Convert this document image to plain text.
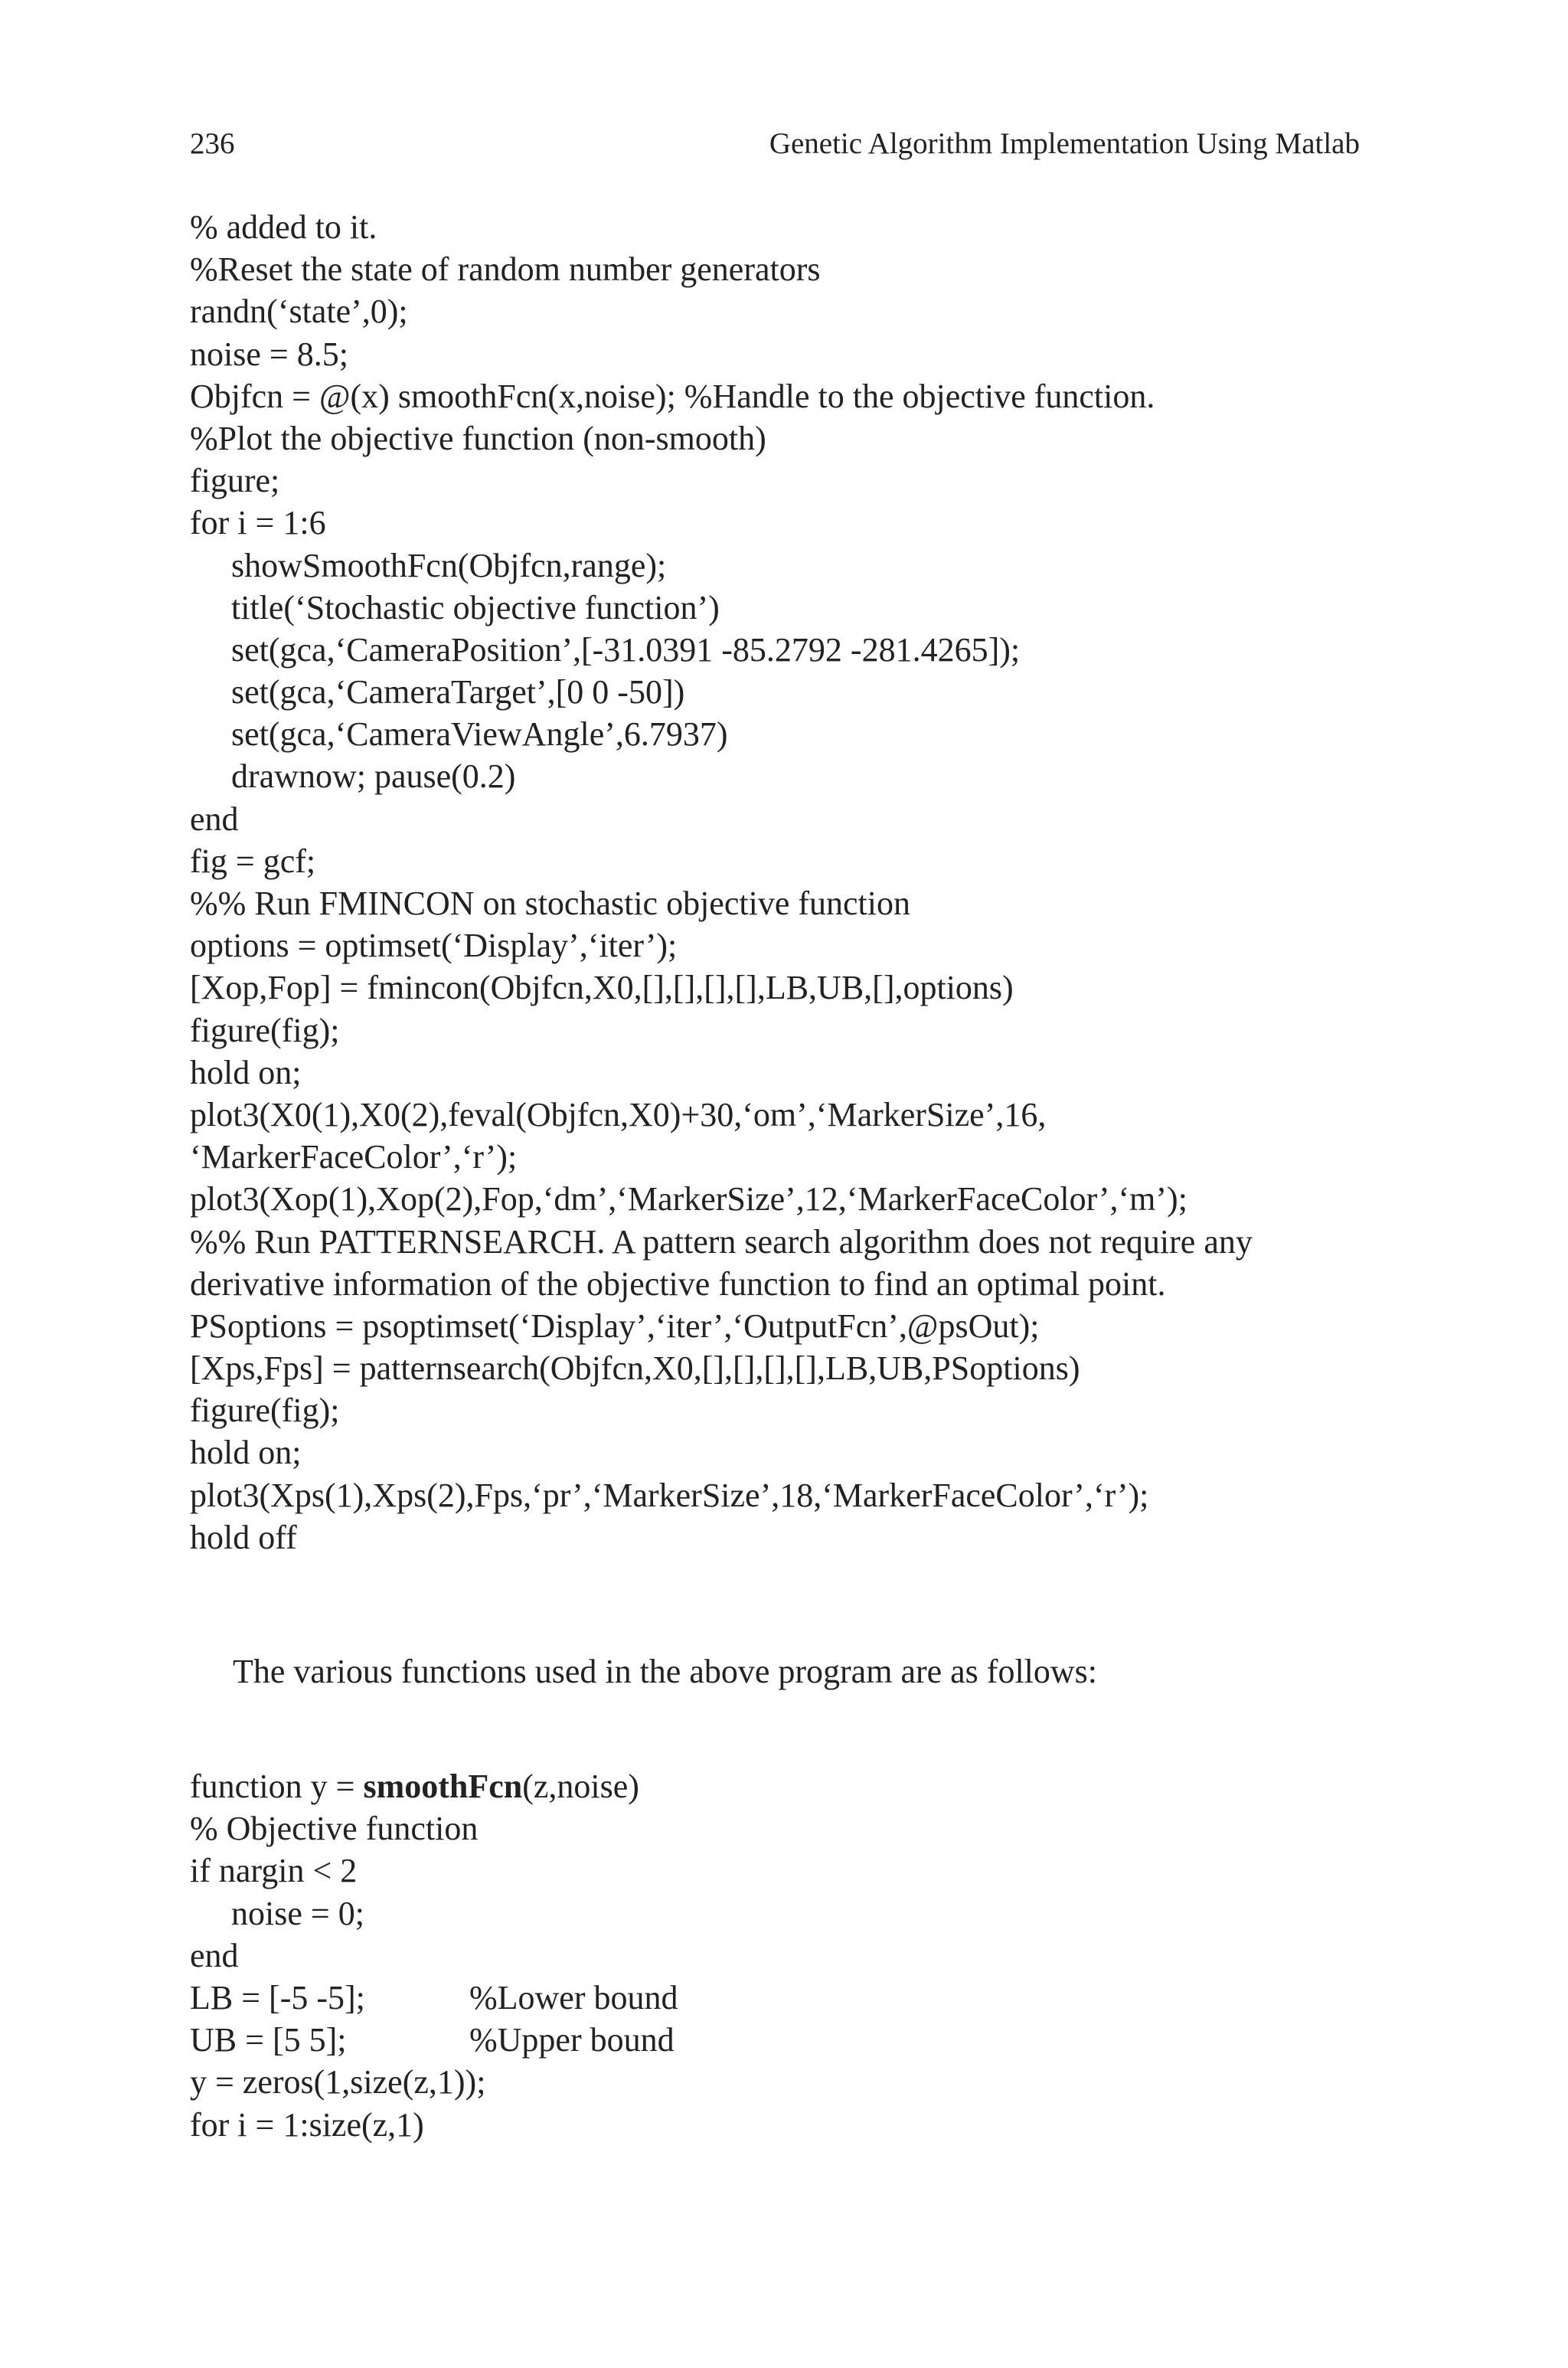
236	Genetic Algorithm Implementation Using Matlab
% added to it.
%Reset the state of random number generators
randn(‘state’,0);
noise = 8.5;
Objfcn = @(x) smoothFcn(x,noise); %Handle to the objective function.
%Plot the objective function (non-smooth)
figure;
for i = 1:6
showSmoothFcn(Objfcn,range);
title(‘Stochastic objective function’)
set(gca,‘CameraPosition’,[-31.0391 -85.2792 -281.4265]);
set(gca,‘CameraTarget’,[0 0 -50])
set(gca,‘CameraViewAngle’,6.7937)
drawnow; pause(0.2)
end
fig = gcf;
%% Run FMINCON on stochastic objective function
options = optimset(‘Display’,‘iter’);
[Xop,Fop] = fmincon(Objfcn,X0,[],[],[],[],LB,UB,[],options)
figure(fig);
hold on;
plot3(X0(1),X0(2),feval(Objfcn,X0)+30,‘om’,‘MarkerSize’,16,
‘MarkerFaceColor’,‘r’);
plot3(Xop(1),Xop(2),Fop,‘dm’,‘MarkerSize’,12,‘MarkerFaceColor’,‘m’);
%% Run PATTERNSEARCH. A pattern search algorithm does not require any
derivative information of the objective function to find an optimal point.
PSoptions = psoptimset(‘Display’,‘iter’,‘OutputFcn’,@psOut);
[Xps,Fps] = patternsearch(Objfcn,X0,[],[],[],[],LB,UB,PSoptions)
figure(fig);
hold on;
plot3(Xps(1),Xps(2),Fps,‘pr’,‘MarkerSize’,18,‘MarkerFaceColor’,‘r’);
hold off
The various functions used in the above program are as follows:
function y = smoothFcn(z,noise)
% Objective function
if nargin < 2
noise = 0;
end
LB = [-5 -5];	%Lower bound
UB = [5 5];	%Upper bound
y = zeros(1,size(z,1));
for i = 1:size(z,1)
